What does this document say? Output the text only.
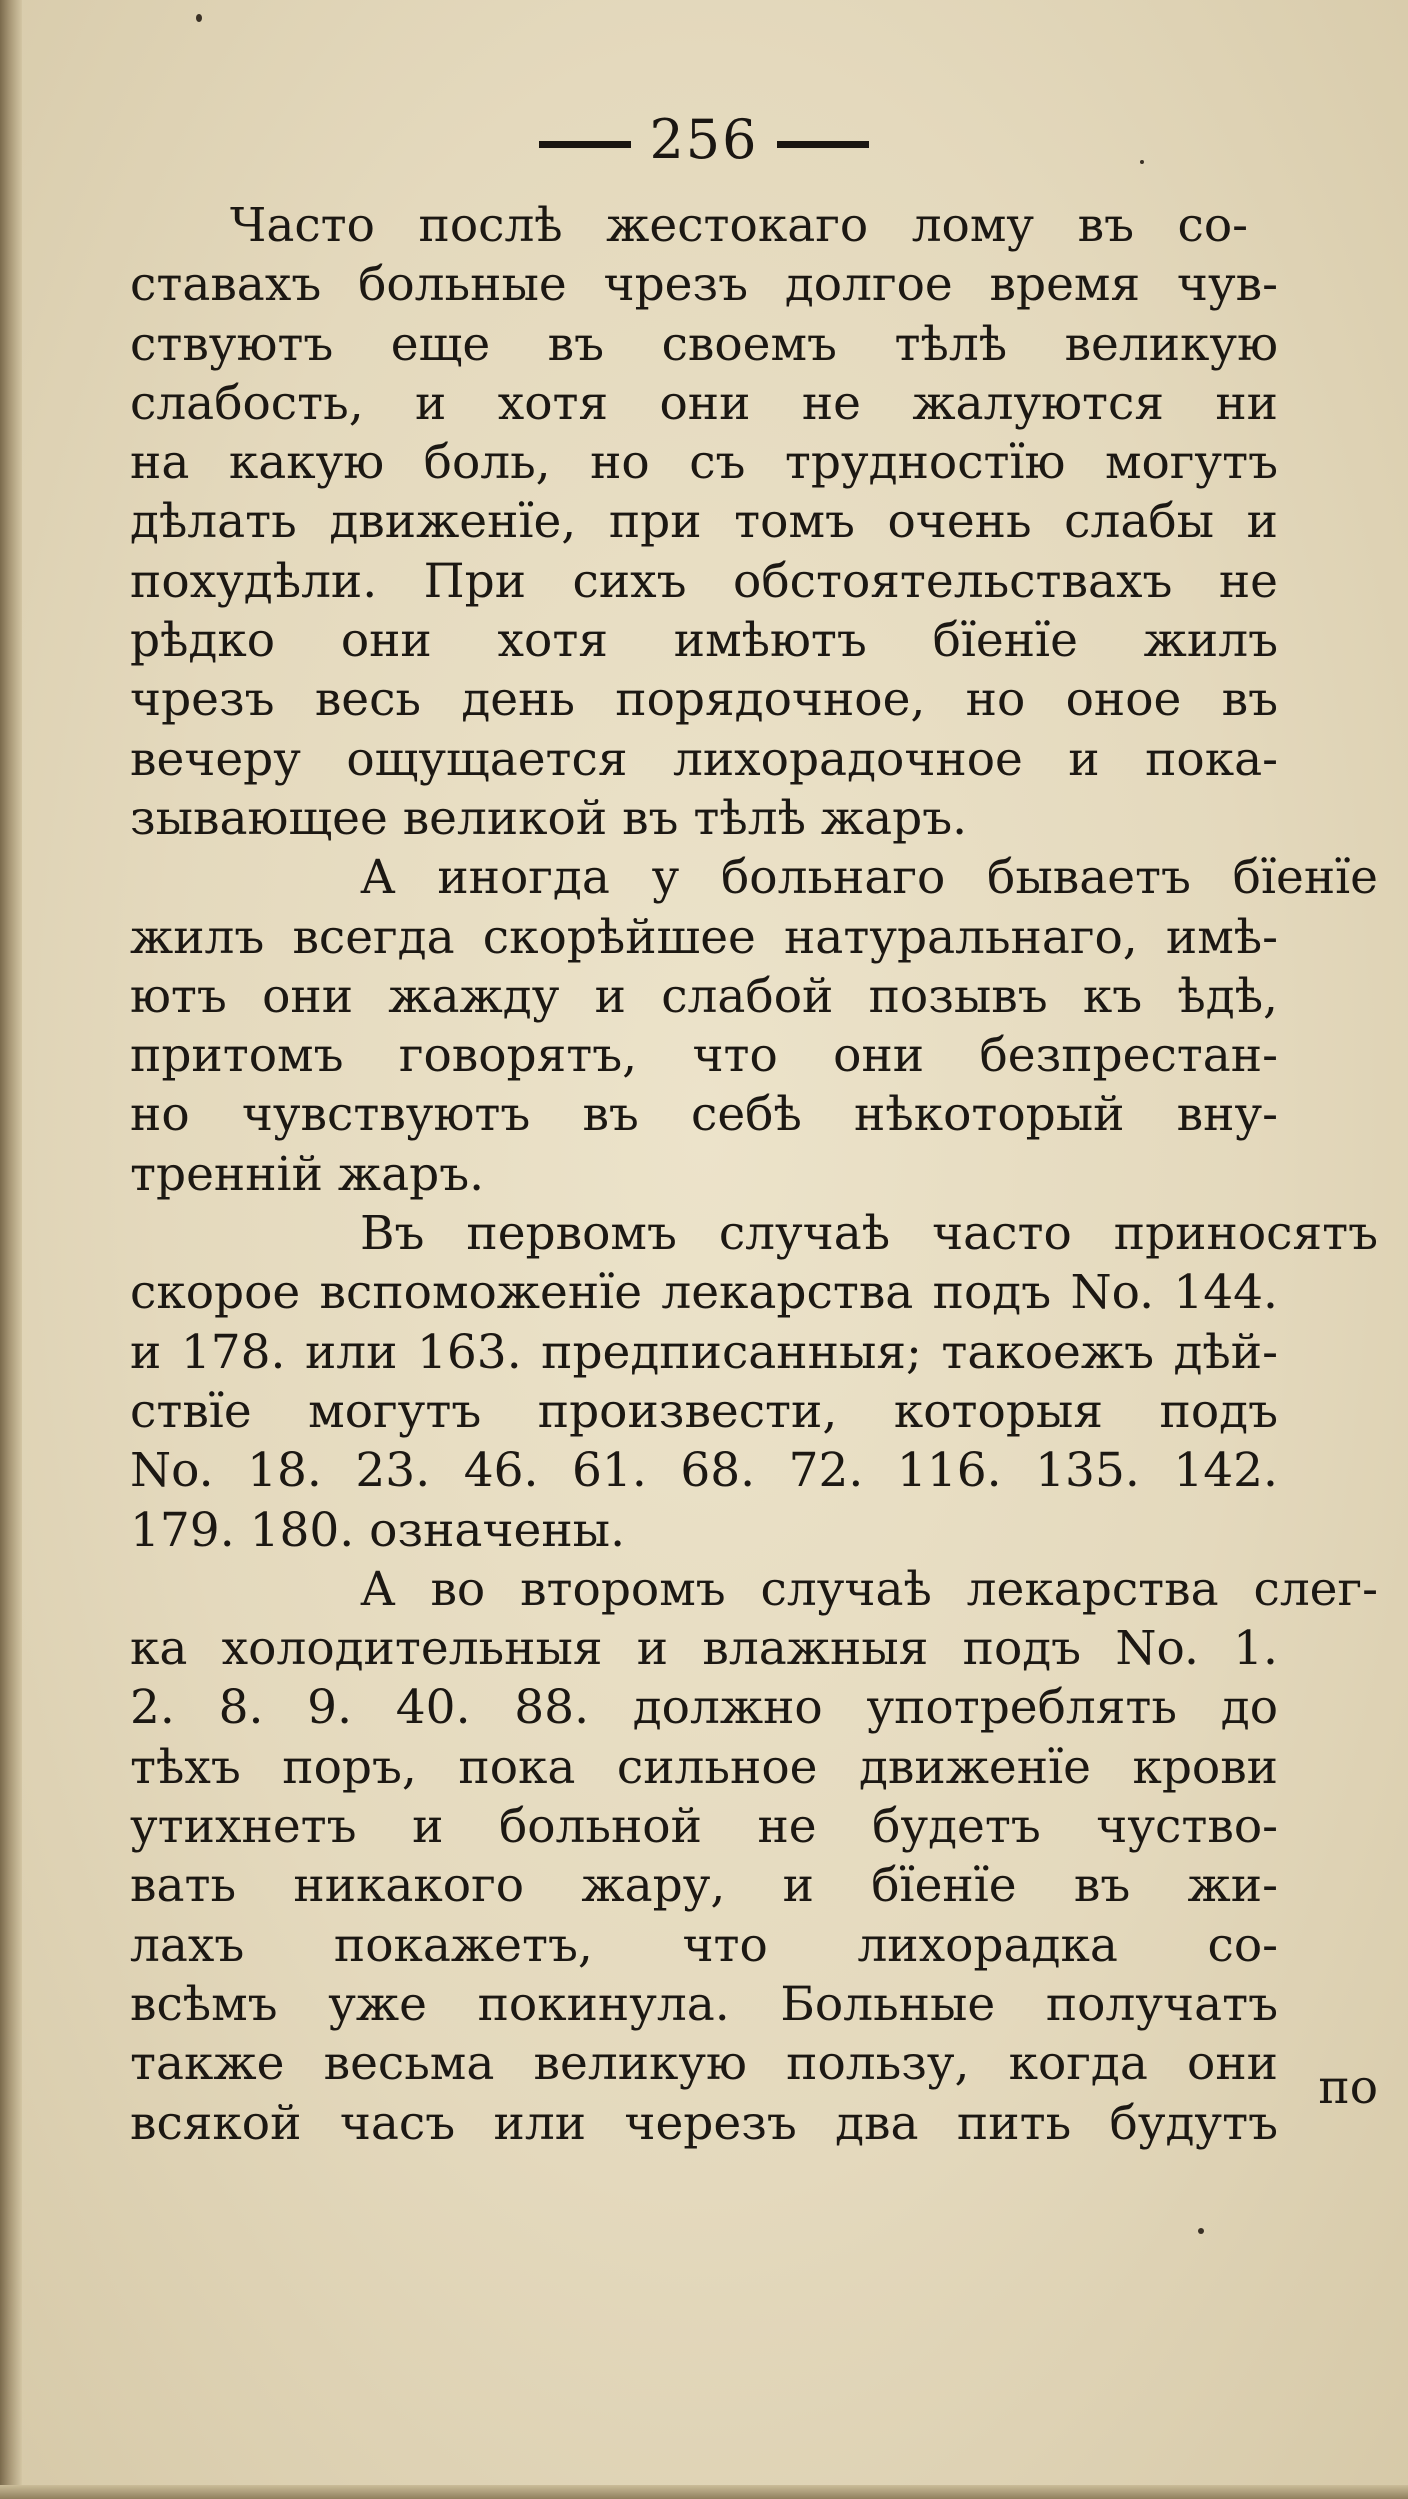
256
Часто послѣ жестокаго лому въ со-
ставахъ больные чрезъ долгое время чув-
ствуютъ еще въ своемъ тѣлѣ великую
слабость, и хотя они не жалуются ни
на какую боль, но съ трудностїю могутъ
дѣлать движенїе, при томъ очень слабы и
похудѣли. При сихъ обстоятельствахъ не
рѣдко они хотя имѣютъ бїенїе жилъ
чрезъ весь день порядочное, но оное въ
вечеру ощущается лихорадочное и пока-
зывающее великой въ тѣлѣ жаръ.
А иногда у больнаго бываетъ бїенїе
жилъ всегда скорѣйшее натуральнаго, имѣ-
ютъ они жажду и слабой позывъ къ ѣдѣ,
притомъ говорятъ, что они безпрестан-
но чувствуютъ въ себѣ нѣкоторый вну-
тренній жаръ.
Въ первомъ случаѣ часто приносятъ
скорое вспоможенїе лекарства подъ No. 144.
и 178. или 163. предписанныя; такоежъ дѣй-
ствїе могутъ произвести, которыя подъ
No. 18. 23. 46. 61. 68. 72. 116. 135. 142.
179. 180. означены.
А во второмъ случаѣ лекарства слег-
ка холодительныя и влажныя подъ No. 1.
2. 8. 9. 40. 88. должно употреблять до
тѣхъ поръ, пока сильное движенїе крови
утихнетъ и больной не будетъ чуство-
вать никакого жару, и бїенїе въ жи-
лахъ покажетъ, что лихорадка со-
всѣмъ уже покинула. Больные получатъ
также весьма великую пользу, когда они
всякой часъ или черезъ два пить будутъ
по
